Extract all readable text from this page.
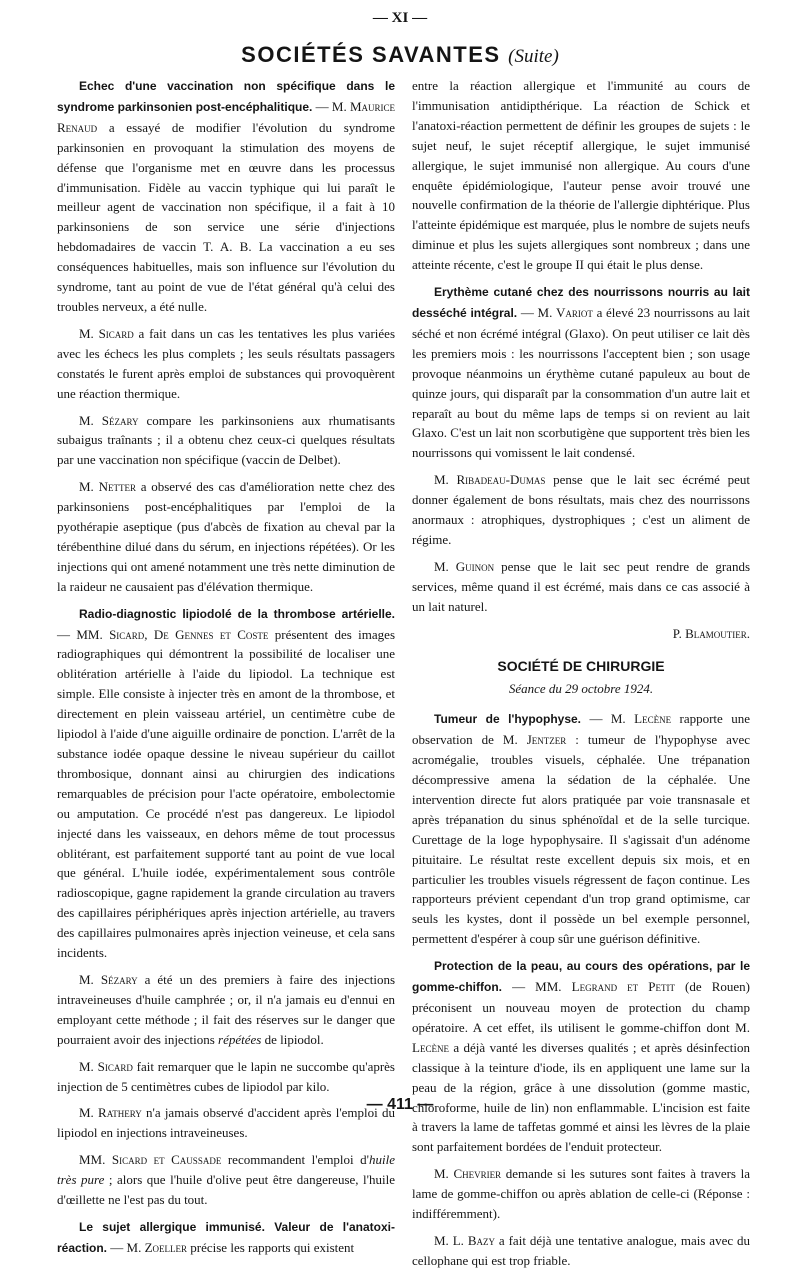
— XI —
SOCIÉTÉS SAVANTES (Suite)

Echec d'une vaccination non spécifique dans le syndrome parkinsonien post-encéphalitique. — M. Maurice Renaud a essayé de modifier l'évolution du syndrome parkinsonien en provoquant la stimulation des moyens de défense que l'organisme met en œuvre dans les processus d'immunisation. Fidèle au vaccin typhique qui lui paraît le meilleur agent de vaccination non spécifique, il a fait à 10 parkinsoniens de son service une série d'injections hebdomadaires de vaccin T. A. B. La vaccination a eu ses conséquences habituelles, mais son influence sur l'évolution du syndrome, tant au point de vue de l'état général qu'à celui des troubles nerveux, a été nulle.

M. Sicard a fait dans un cas les tentatives les plus variées avec les échecs les plus complets ; les seuls résultats passagers constatés le furent après emploi de substances qui provoquèrent une réaction thermique.

M. Sézary compare les parkinsoniens aux rhumatisants subaigus traînants ; il a obtenu chez ceux-ci quelques résultats par une vaccination non spécifique (vaccin de Delbet).

M. Netter a observé des cas d'amélioration nette chez des parkinsoniens post-encéphalitiques par l'emploi de la pyothérapie aseptique (pus d'abcès de fixation au cheval par la térébenthine dilué dans du sérum, en injections répétées). Or les injections qui ont amené notamment une très nette diminution de la raideur ne causaient pas d'élévation thermique.

Radio-diagnostic lipiodolé de la thrombose artérielle. — MM. Sicard, De Gennes et Coste présentent des images radiographiques qui démontrent la possibilité de localiser une oblitération artérielle à l'aide du lipiodol. La technique est simple. Elle consiste à injecter très en amont de la thrombose, et directement en plein vaisseau artériel, un centimètre cube de lipiodol à l'aide d'une aiguille ordinaire de ponction. L'arrêt de la substance iodée opaque dessine le niveau supérieur du caillot thrombosique, donnant ainsi au chirurgien des indications remarquables de précision pour l'acte opératoire, embolectomie ou amputation. Ce procédé n'est pas dangereux. Le lipiodol injecté dans les vaisseaux, en dehors même de tout processus oblitérant, est parfaitement supporté tant au point de vue local que général. L'huile iodée, expérimentalement sous contrôle radioscopique, gagne rapidement la grande circulation au travers des capillaires périphériques après injection artérielle, au travers des capillaires pulmonaires après injection veineuse, et cela sans incidents.

M. Sézary a été un des premiers à faire des injections intraveineuses d'huile camphrée ; or, il n'a jamais eu d'ennui en employant cette méthode ; il fait des réserves sur le danger que pourraient avoir des injections répétées de lipiodol.

M. Sicard fait remarquer que le lapin ne succombe qu'après injection de 5 centimètres cubes de lipiodol par kilo.

M. Rathery n'a jamais observé d'accident après l'emploi du lipiodol en injections intraveineuses.

MM. Sicard et Caussade recommandent l'emploi d'huile très pure ; alors que l'huile d'olive peut être dangereuse, l'huile d'œillette ne l'est pas du tout.

Le sujet allergique immunisé. Valeur de l'anatoxi-réaction. — M. Zoeller précise les rapports qui existent

entre la réaction allergique et l'immunité au cours de l'immunisation antidipthérique. La réaction de Schick et l'anatoxi-réaction permettent de définir les groupes de sujets : le sujet neuf, le sujet réceptif allergique, le sujet immunisé allergique, le sujet immunisé non allergique. Au cours d'une enquête épidémiologique, l'auteur pense avoir trouvé une nouvelle confirmation de la théorie de l'allergie diphtérique. Plus l'atteinte épidémique est marquée, plus le nombre de sujets neufs diminue et plus les sujets allergiques sont nombreux ; dans une atteinte récente, c'est le groupe II qui était le plus dense.

Erythème cutané chez des nourrissons nourris au lait desséché intégral. — M. Variot a élevé 23 nourrissons au lait séché et non écrémé intégral (Glaxo). On peut utiliser ce lait dès les premiers mois : les nourrissons l'acceptent bien ; son usage provoque néanmoins un érythème cutané papuleux au bout de quinze jours, qui disparaît par la consommation d'un autre lait et reparaît au bout du même laps de temps si on revient au lait Glaxo. C'est un lait non scorbutigène que supportent très bien les nourrissons qui vomissent le lait condensé.

M. Ribadeau-Dumas pense que le lait sec écrémé peut donner également de bons résultats, mais chez des nourrissons anormaux : atrophiques, dystrophiques ; c'est un aliment de régime.

M. Guinon pense que le lait sec peut rendre de grands services, même quand il est écrémé, mais dans ce cas associé à un lait naturel.

P. Blamoutier.

SOCIÉTÉ DE CHIRURGIE
Séance du 29 octobre 1924.

Tumeur de l'hypophyse. — M. Lecène rapporte une observation de M. Jentzer : tumeur de l'hypophyse avec acromégalie, troubles visuels, céphalée. Une trépanation décompressive amena la sédation de la céphalée. Une intervention directe fut alors pratiquée par voie transnasale et après trépanation du sinus sphénoïdal et de la selle turcique. Curettage de la loge hypophysaire. Il s'agissait d'un adénome pituitaire. Le résultat reste excellent depuis six mois, et en particulier les troubles visuels régressent de façon continue. Les rapporteurs prévient cependant d'un trop grand optimisme, car seuls les kystes, dont il possède un bel exemple personnel, permettent d'espérer à coup sûr une guérison définitive.

Protection de la peau, au cours des opérations, par le gomme-chiffon. — MM. Legrand et Petit (de Rouen) préconisent un nouveau moyen de protection du champ opératoire. A cet effet, ils utilisent le gomme-chiffon dont M. Lecène a déjà vanté les diverses qualités ; et après désinfection classique à la teinture d'iode, ils en appliquent une lame sur la peau de la région, grâce à une dissolution (gomme mastic, chloroforme, huile de lin) non enflammable. L'incision est faite à travers la lame de taffetas gommé et ainsi les lèvres de la plaie sont parfaitement bordées de l'enduit protecteur.

M. Chevrier demande si les sutures sont faites à travers la lame de gomme-chiffon ou après ablation de celle-ci (Réponse : indifféremment).

M. L. Bazy a fait déjà une tentative analogue, mais avec du cellophane qui est trop friable.

— 411 —
